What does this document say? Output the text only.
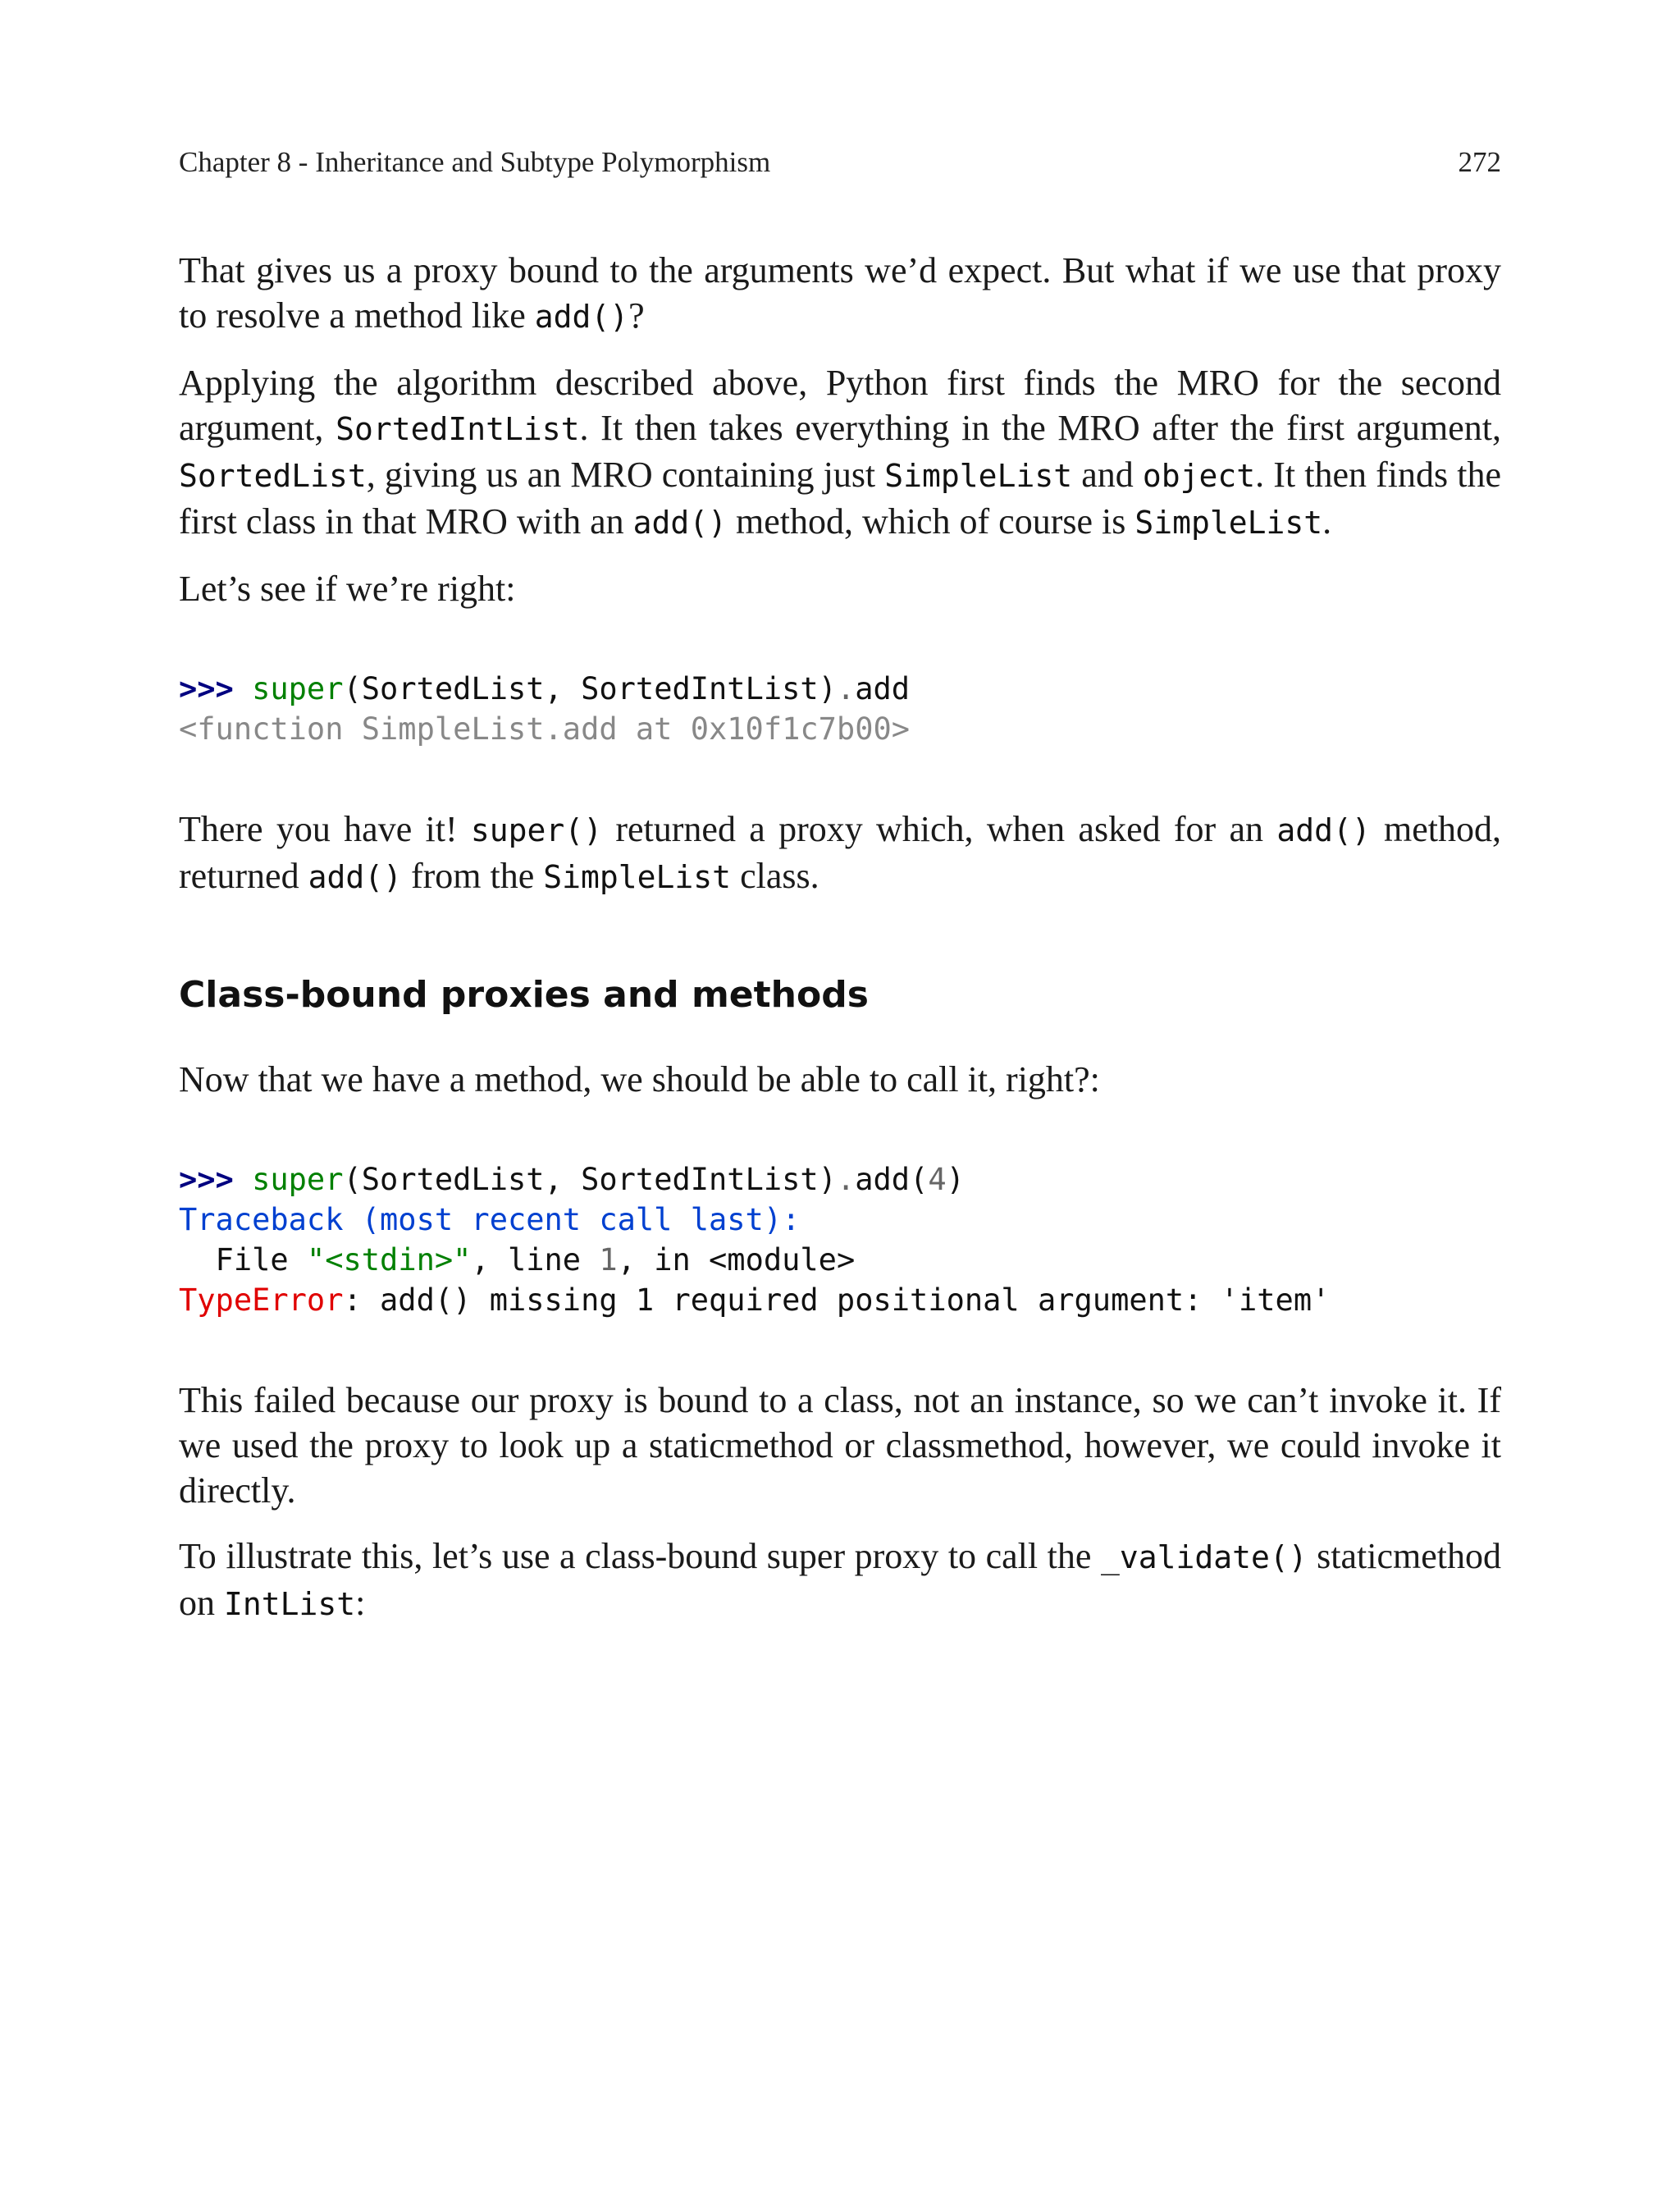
Chapter 8 - Inheritance and Subtype Polymorphism	272

That gives us a proxy bound to the arguments we’d expect. But what if we use that proxy to resolve a method like add()?

Applying the algorithm described above, Python first finds the MRO for the second argument, SortedIntList. It then takes everything in the MRO after the first argument, SortedList, giving us an MRO containing just SimpleList and object. It then finds the first class in that MRO with an add() method, which of course is SimpleList.

Let’s see if we’re right:

>>> super(SortedList, SortedIntList).add
<function SimpleList.add at 0x10f1c7b00>

There you have it! super() returned a proxy which, when asked for an add() method, returned add() from the SimpleList class.

Class-bound proxies and methods

Now that we have a method, we should be able to call it, right?:

>>> super(SortedList, SortedIntList).add(4)
Traceback (most recent call last):
File "<stdin>", line 1, in <module>
TypeError: add() missing 1 required positional argument: 'item'

This failed because our proxy is bound to a class, not an instance, so we can’t invoke it. If we used the proxy to look up a staticmethod or classmethod, however, we could invoke it directly.

To illustrate this, let’s use a class-bound super proxy to call the _validate() staticmethod on IntList:
